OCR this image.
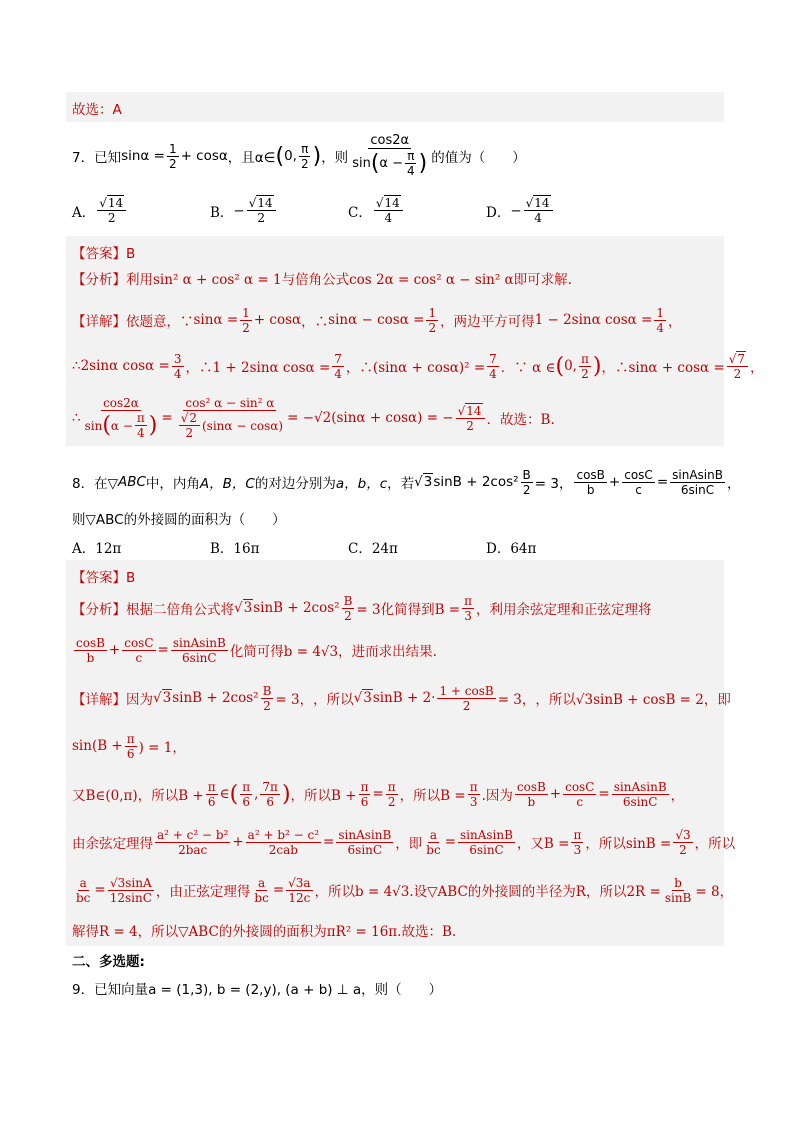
故选：A
7．已知 $\sin\alpha = \frac{1}{2} + \cos\alpha$ ，且α∈ ( 0, $\frac{\pi}{2}$ ) ，则 $\frac{\cos 2\alpha}{\sin ( \alpha - \frac{\pi}{4} )}$ 的值为（　　）
A． $\frac{√14}{2}$	B． − $\frac{√14}{2}$	C． $\frac{√14}{4}$	D． − $\frac{√14}{4}$
【答案】B
【分析】利用sin² α + cos² α = 1与倍角公式cos 2α = cos² α − sin² α即可求解.
【详解】 依题意，∵ $\sin\alpha = \frac{1}{2} + \cos\alpha$ ，∴ $\sin\alpha - \cos\alpha = \frac{1}{2}$ ，两边平方可得 1 − 2sinα $\cos\alpha = \frac{1}{4}$ ，
∴2sinα $\cos\alpha = \frac{3}{4}$ ，∴1 + 2sinα $\cos\alpha = \frac{7}{4}$ ，∴(sinα + $\cos\alpha)^2 = \frac{7}{4}$ ．∵ α ∈ ( 0, $\frac{\pi}{2}$ ) ，∴sinα + $\cos\alpha = \frac{√7}{2}$ ，
∴ $\frac{\cos 2\alpha}{\sin ( \alpha - \frac{\pi}{4} )} = \frac{\text{cos² α − sin² α}}{\frac{√2}{2} (\sin\alpha - \cos\alpha)} = -√2(\sin\alpha + \cos\alpha)$ = − $\frac{√14}{2}$ ．故选：B.
8．在▽ ABC 中，内角 A，B，C 的对边分别为 a，b，c ，若 √3 $\sin B + 2\cos^2 \frac{B}{2} = 3$， $\frac{\cos B}{b} + \frac{\cos C}{c} = \frac{\text{sinAsinB}}{6\sin C}$ ，
则▽ABC的外接圆的面积为（　　）
A．12π	B．16π	C．24π	D．64π
【答案】B
【分析】 根据二倍角公式将 √3 $\sin B + 2\cos^2 \frac{B}{2} = 3$化简得到$B = \frac{\pi}{3}$ ，利用余弦定理和正弦定理将
$\frac{\cos B}{b} + \frac{\cos C}{c} = \frac{\text{sinAsinB}}{6\sin C}$ 化简可得b = 4√3，进而求出结果.
【详解】 因为 √3 $\sin B + 2\cos^2 \frac{B}{2} = 3$， ，所以 √3 $\sin B + 2\cdot \frac{1 + \cos B}{2} = 3$， ，所以√3sinB + cosB = 2，即
$\sin(B + \frac{\pi}{6}$ ) = 1，
又B∈(0,π)，所以$B + \frac{\pi}{6}$ ∈ ( $\frac{\pi}{6}$ , $\frac{7\pi}{6}$ ) ，所以$B + \frac{\pi}{6} = \frac{\pi}{2}$ ，所以$B = \frac{\pi}{3}$ .因为 $\frac{\cos B}{b} + \frac{\cos C}{c} = \frac{\text{sinAsinB}}{6\sin C}$ ，
由余弦定理得 $\frac{\text{a² + c² − b²}}{\text{2bac}} + \frac{\text{a² + b² − c²}}{\text{2cab}} = \frac{\text{sinAsinB}}{6\sin C}$ ，即 $\frac{a}{bc} = \frac{\text{sinAsinB}}{6\sin C}$ ，又$B = \frac{\pi}{3}$ ，所以$\sin B = \frac{√3}{2}$ ，所以
$\frac{a}{bc} = \frac{√3\sin A}{12\sin C}$ ，由正弦定理得 $\frac{a}{bc} = \frac{√3a}{12c}$ ，所以b = 4√3.设▽ABC的外接圆的半径为R，所以$2R = \frac{b}{\sin B} = 8$，
解得R = 4，所以▽ABC的外接圆的面积为πR² = 16π.故选：B.
二、多选题:
9．已知向量a = (1,3), b = (2,y), (a + b) ⊥ a，则（　　）
